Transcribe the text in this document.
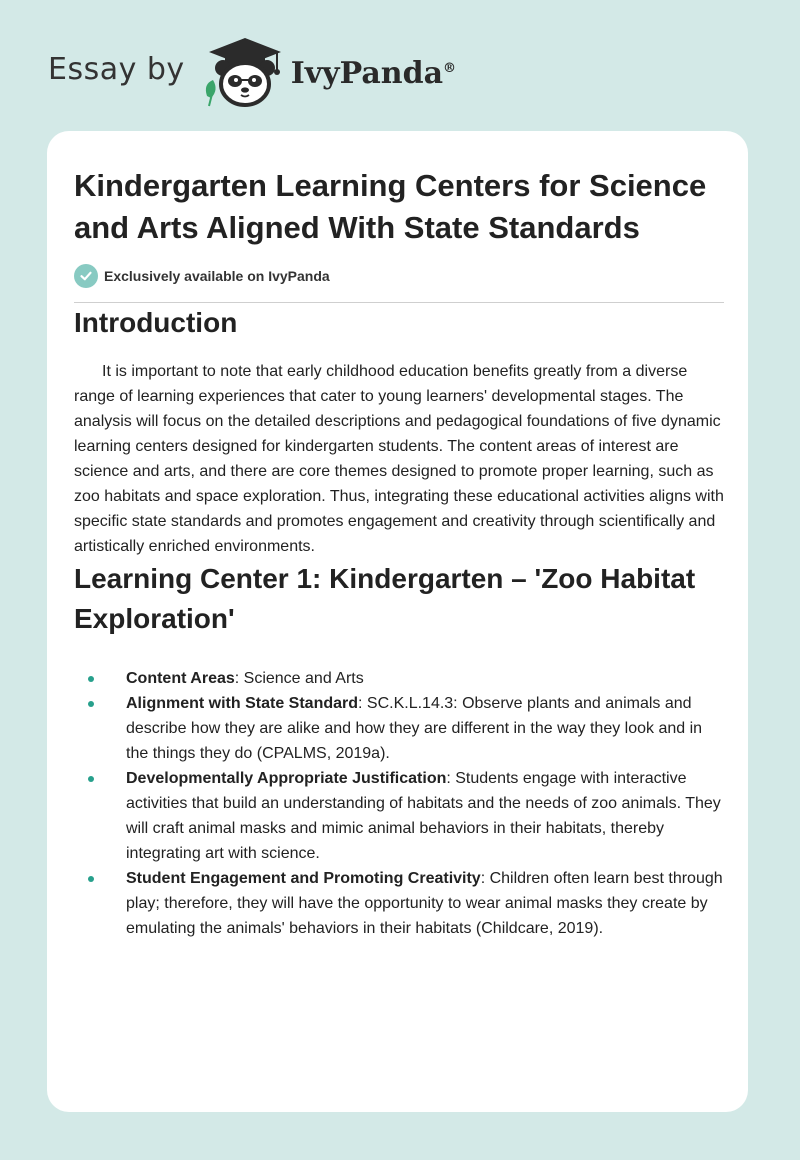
Essay by	IvyPanda®
Kindergarten Learning Centers for Science and Arts Aligned With State Standards
Exclusively available on IvyPanda
Introduction

It is important to note that early childhood education benefits greatly from a diverse range of learning experiences that cater to young learners' developmental stages. The analysis will focus on the detailed descriptions and pedagogical foundations of five dynamic learning centers designed for kindergarten students. The content areas of interest are science and arts, and there are core themes designed to promote proper learning, such as zoo habitats and space exploration. Thus, integrating these educational activities aligns with specific state standards and promotes engagement and creativity through scientifically and artistically enriched environments.

Learning Center 1: Kindergarten – 'Zoo Habitat Exploration'
Content Areas: Science and Arts
Alignment with State Standard: SC.K.L.14.3: Observe plants and animals and describe how they are alike and how they are different in the way they look and in the things they do (CPALMS, 2019a).
Developmentally Appropriate Justification: Students engage with interactive activities that build an understanding of habitats and the needs of zoo animals. They will craft animal masks and mimic animal behaviors in their habitats, thereby integrating art with science.
Student Engagement and Promoting Creativity: Children often learn best through play; therefore, they will have the opportunity to wear animal masks they create by emulating the animals' behaviors in their habitats (Childcare, 2019).
